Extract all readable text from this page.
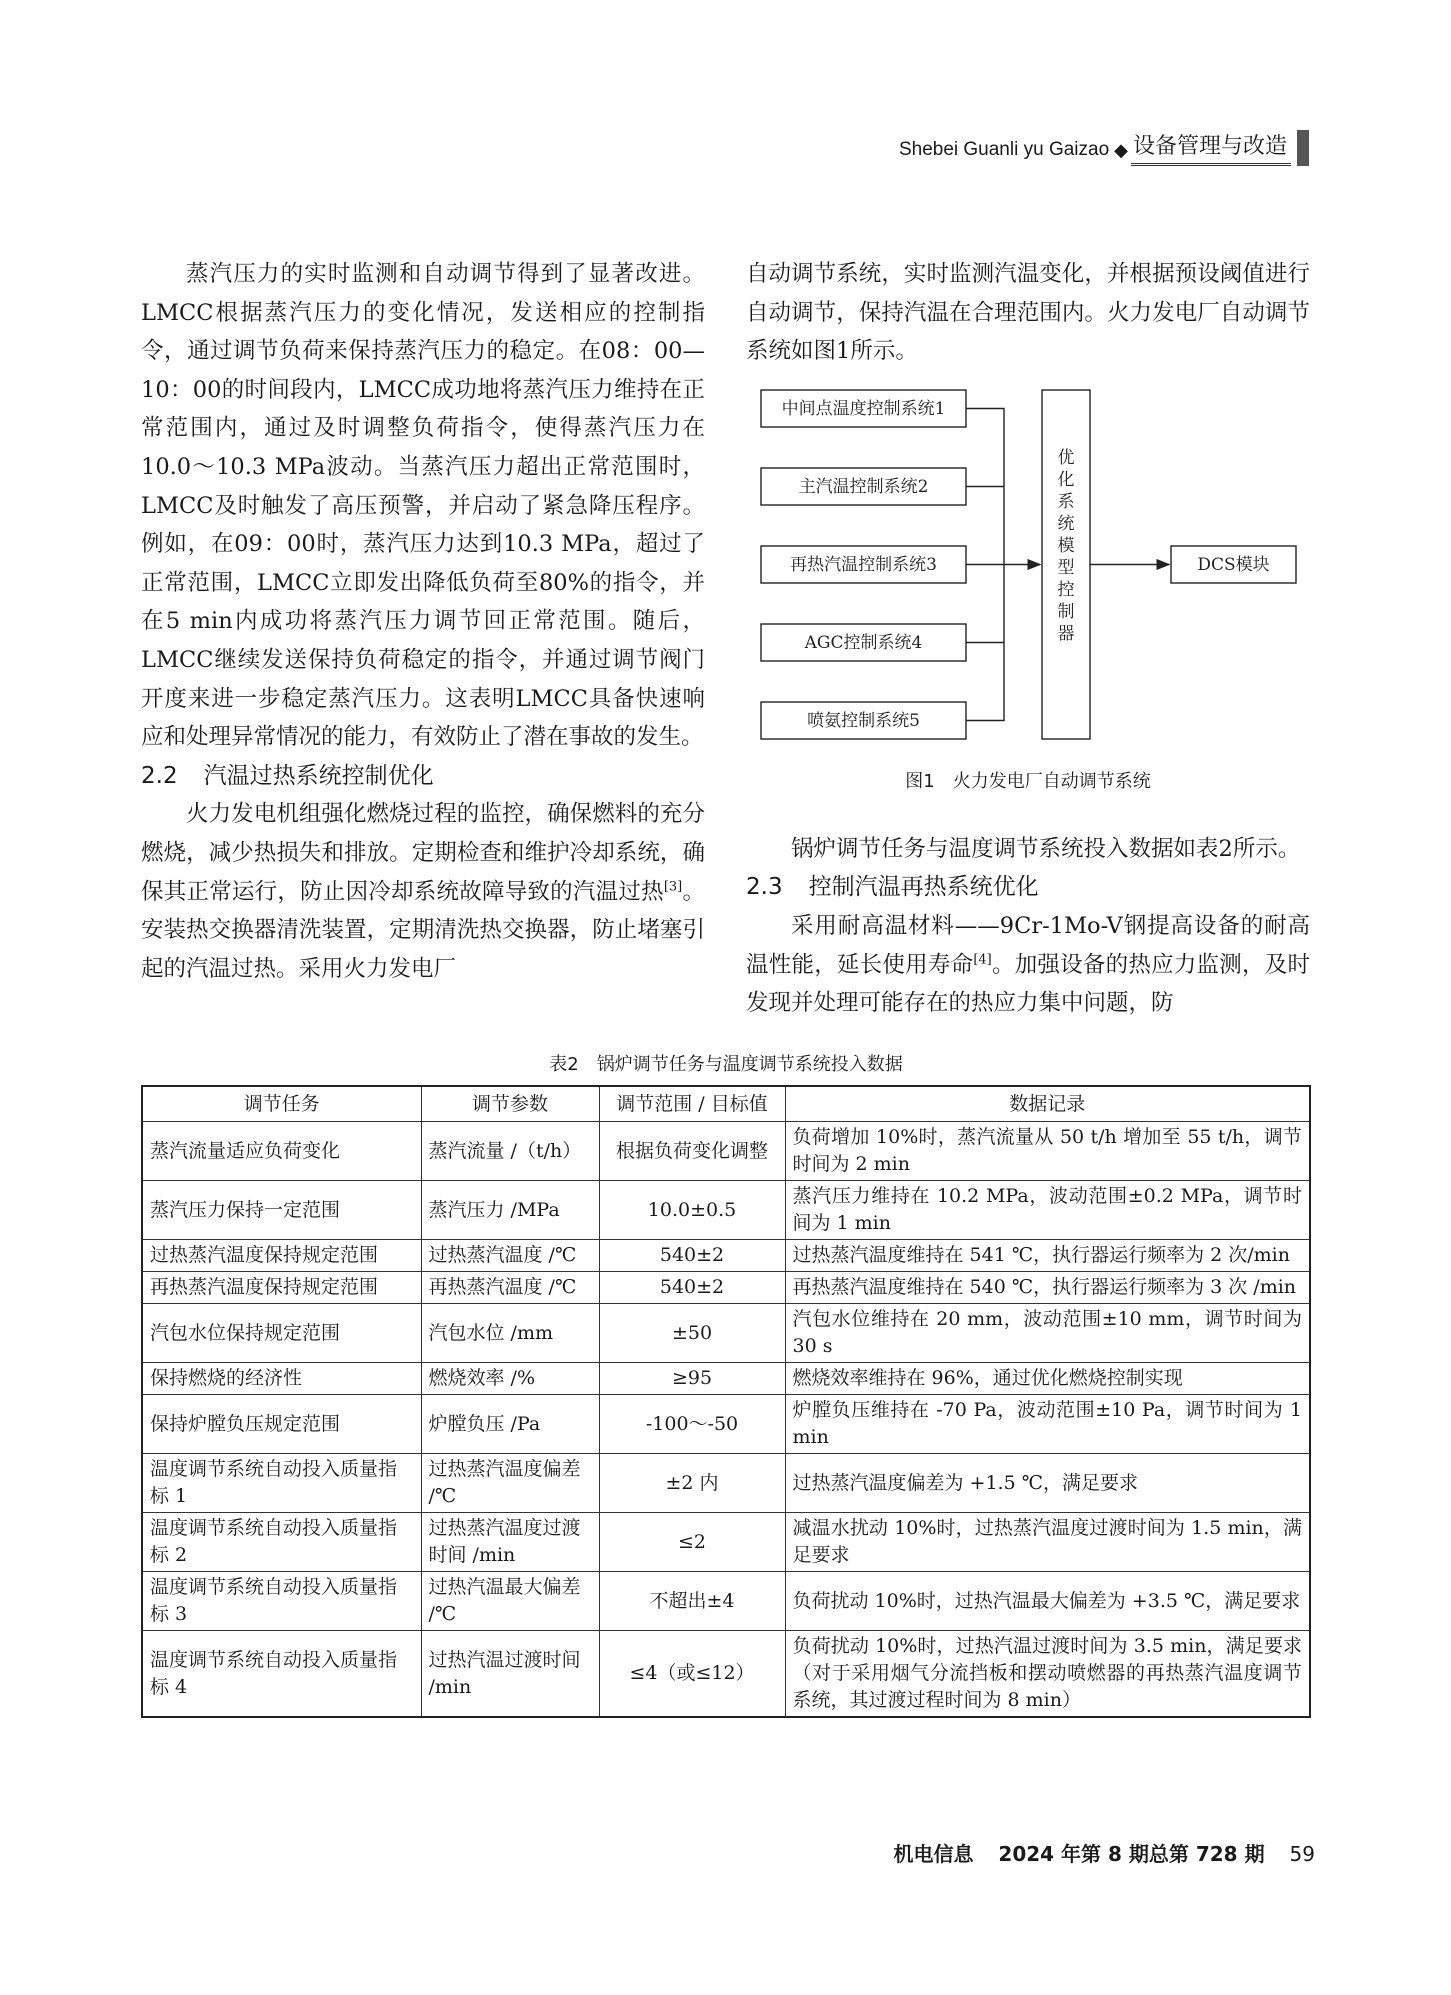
Shebei Guanli yu Gaizao ◆ 设备管理与改造

蒸汽压力的实时监测和自动调节得到了显著改进。LMCC根据蒸汽压力的变化情况，发送相应的控制指令，通过调节负荷来保持蒸汽压力的稳定。在08：00—10：00的时间段内，LMCC成功地将蒸汽压力维持在正常范围内，通过及时调整负荷指令，使得蒸汽压力在10.0～10.3 MPa波动。当蒸汽压力超出正常范围时，LMCC及时触发了高压预警，并启动了紧急降压程序。例如，在09：00时，蒸汽压力达到10.3 MPa，超过了正常范围，LMCC立即发出降低负荷至80%的指令，并在5 min内成功将蒸汽压力调节回正常范围。随后，LMCC继续发送保持负荷稳定的指令，并通过调节阀门开度来进一步稳定蒸汽压力。这表明LMCC具备快速响应和处理异常情况的能力，有效防止了潜在事故的发生。

2.2 汽温过热系统控制优化

火力发电机组强化燃烧过程的监控，确保燃料的充分燃烧，减少热损失和排放。定期检查和维护冷却系统，确保其正常运行，防止因冷却系统故障导致的汽温过热[3]。安装热交换器清洗装置，定期清洗热交换器，防止堵塞引起的汽温过热。采用火力发电厂

自动调节系统，实时监测汽温变化，并根据预设阈值进行自动调节，保持汽温在合理范围内。火力发电厂自动调节系统如图1所示。

锅炉调节任务与温度调节系统投入数据如表2所示。

2.3 控制汽温再热系统优化

采用耐高温材料——9Cr-1Mo-V钢提高设备的耐高温性能，延长使用寿命[4]。加强设备的热应力监测，及时发现并处理可能存在的热应力集中问题，防

中间点温度控制系统1
主汽温控制系统2
再热汽温控制系统3
AGC控制系统4
喷氨控制系统5
DCS模块
优
化
系
统
模
型
控
制
器
图1　火力发电厂自动调节系统
表2　锅炉调节任务与温度调节系统投入数据
调节任务	调节参数	调节范围 / 目标值	数据记录
蒸汽流量适应负荷变化	蒸汽流量 /（t/h）	根据负荷变化调整	负荷增加 10%时，蒸汽流量从 50 t/h 增加至 55 t/h，调节时间为 2 min
蒸汽压力保持一定范围	蒸汽压力 /MPa	10.0±0.5	蒸汽压力维持在 10.2 MPa，波动范围±0.2 MPa，调节时间为 1 min
过热蒸汽温度保持规定范围	过热蒸汽温度 /℃	540±2	过热蒸汽温度维持在 541 ℃，执行器运行频率为 2 次/min
再热蒸汽温度保持规定范围	再热蒸汽温度 /℃	540±2	再热蒸汽温度维持在 540 ℃，执行器运行频率为 3 次 /min
汽包水位保持规定范围	汽包水位 /mm	±50	汽包水位维持在 20 mm，波动范围±10 mm，调节时间为 30 s
保持燃烧的经济性	燃烧效率 /%	≥95	燃烧效率维持在 96%，通过优化燃烧控制实现
保持炉膛负压规定范围	炉膛负压 /Pa	-100～-50	炉膛负压维持在 -70 Pa，波动范围±10 Pa，调节时间为 1 min
温度调节系统自动投入质量指标 1	过热蒸汽温度偏差 /℃	±2 内	过热蒸汽温度偏差为 +1.5 ℃，满足要求
温度调节系统自动投入质量指标 2	过热蒸汽温度过渡时间 /min	≤2	减温水扰动 10%时，过热蒸汽温度过渡时间为 1.5 min，满足要求
温度调节系统自动投入质量指标 3	过热汽温最大偏差 /℃	不超出±4	负荷扰动 10%时，过热汽温最大偏差为 +3.5 ℃，满足要求
温度调节系统自动投入质量指标 4	过热汽温过渡时间 /min	≤4（或≤12）	负荷扰动 10%时，过热汽温过渡时间为 3.5 min，满足要求（对于采用烟气分流挡板和摆动喷燃器的再热蒸汽温度调节系统，其过渡过程时间为 8 min）
机电信息 2024 年第 8 期总第 728 期 59
